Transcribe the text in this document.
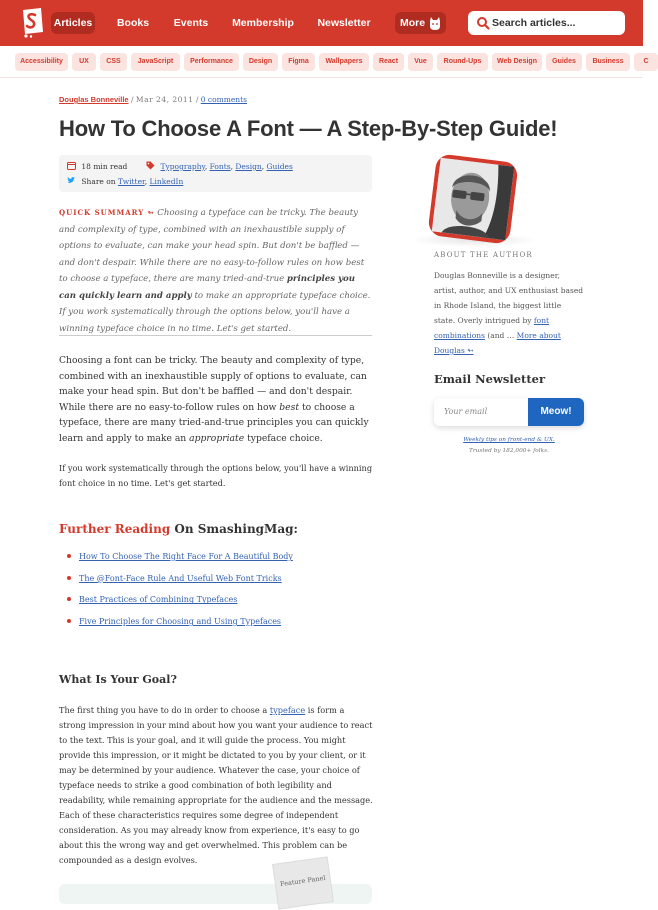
Articles	Books	Events	Membership	Newsletter	More	Search articles...
Accessibility	UX	CSS	JavaScript	Performance	Design	Figma	Wallpapers	React	Vue	Round-Ups	Web Design	Guides	Business	C
Douglas Bonneville / Mar 24, 2011 / 0 comments
How To Choose A Font — A Step-By-Step Guide!
18 min read	Typography, Fonts, Design, Guides
Share on Twitter, LinkedIn

QUICK SUMMARY ↬ Choosing a typeface can be tricky. The beauty and complexity of type, combined with an inexhaustible supply of options to evaluate, can make your head spin. But don't be baffled — and don't despair. While there are no easy-to-follow rules on how best to choose a typeface, there are many tried-and-true principles you can quickly learn and apply to make an appropriate typeface choice. If you work systematically through the options below, you'll have a winning typeface choice in no time. Let's get started.

Choosing a font can be tricky. The beauty and complexity of type, combined with an inexhaustible supply of options to evaluate, can make your head spin. But don't be baffled — and don't despair. While there are no easy-to-follow rules on how best to choose a typeface, there are many tried-and-true principles you can quickly learn and apply to make an appropriate typeface choice.

If you work systematically through the options below, you'll have a winning font choice in no time. Let's get started.

Further Reading On SmashingMag:
How To Choose The Right Face For A Beautiful Body
The @Font-Face Rule And Useful Web Font Tricks
Best Practices of Combining Typefaces
Five Principles for Choosing and Using Typefaces
What Is Your Goal?

The first thing you have to do in order to choose a typeface is form a strong impression in your mind about how you want your audience to react to the text. This is your goal, and it will guide the process. You might provide this impression, or it might be dictated to you by your client, or it may be determined by your audience. Whatever the case, your choice of typeface needs to strike a good combination of both legibility and readability, while remaining appropriate for the audience and the message. Each of these characteristics requires some degree of independent consideration. As you may already know from experience, it's easy to go about this the wrong way and get overwhelmed. This problem can be compounded as a design evolves.

Feature Panel
ABOUT THE AUTHOR

Douglas Bonneville is a designer, artist, author, and UX enthusiast based in Rhode Island, the biggest little state. Overly intrigued by font combinations (and … More about Douglas ↬

Email Newsletter
Your email	Meow!
Weekly tips on front-end & UX.
Trusted by 182,000+ folks.
